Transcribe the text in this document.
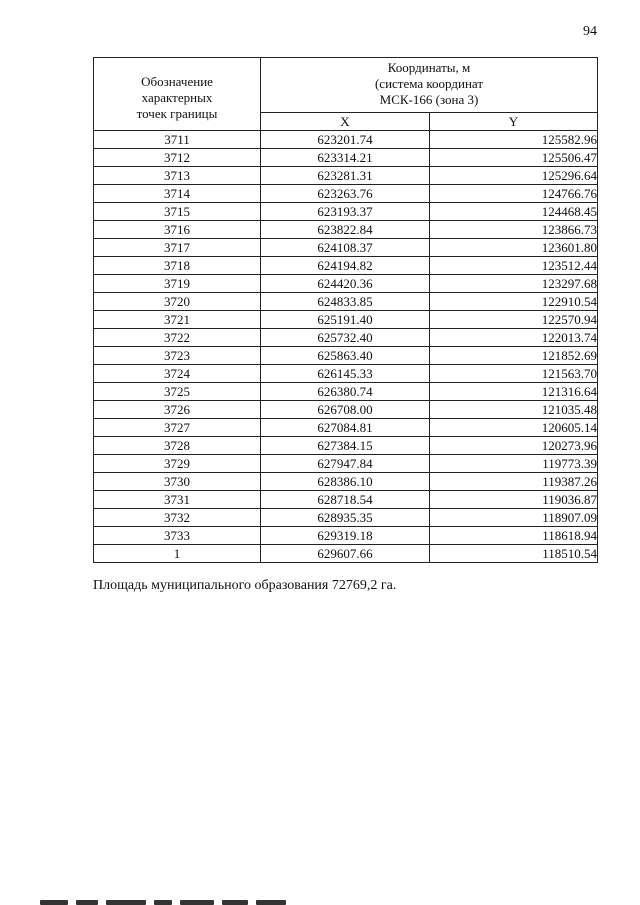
94
Обозначение
характерных
точек границы	Координаты, м
(система координат
МСК-166 (зона 3)	

	X	Y
3711	623201.74	125582.96
3712	623314.21	125506.47
3713	623281.31	125296.64
3714	623263.76	124766.76
3715	623193.37	124468.45
3716	623822.84	123866.73
3717	624108.37	123601.80
3718	624194.82	123512.44
3719	624420.36	123297.68
3720	624833.85	122910.54
3721	625191.40	122570.94
3722	625732.40	122013.74
3723	625863.40	121852.69
3724	626145.33	121563.70
3725	626380.74	121316.64
3726	626708.00	121035.48
3727	627084.81	120605.14
3728	627384.15	120273.96
3729	627947.84	119773.39
3730	628386.10	119387.26
3731	628718.54	119036.87
3732	628935.35	118907.09
3733	629319.18	118618.94
1	629607.66	118510.54
Площадь муниципального образования 72769,2 га.
